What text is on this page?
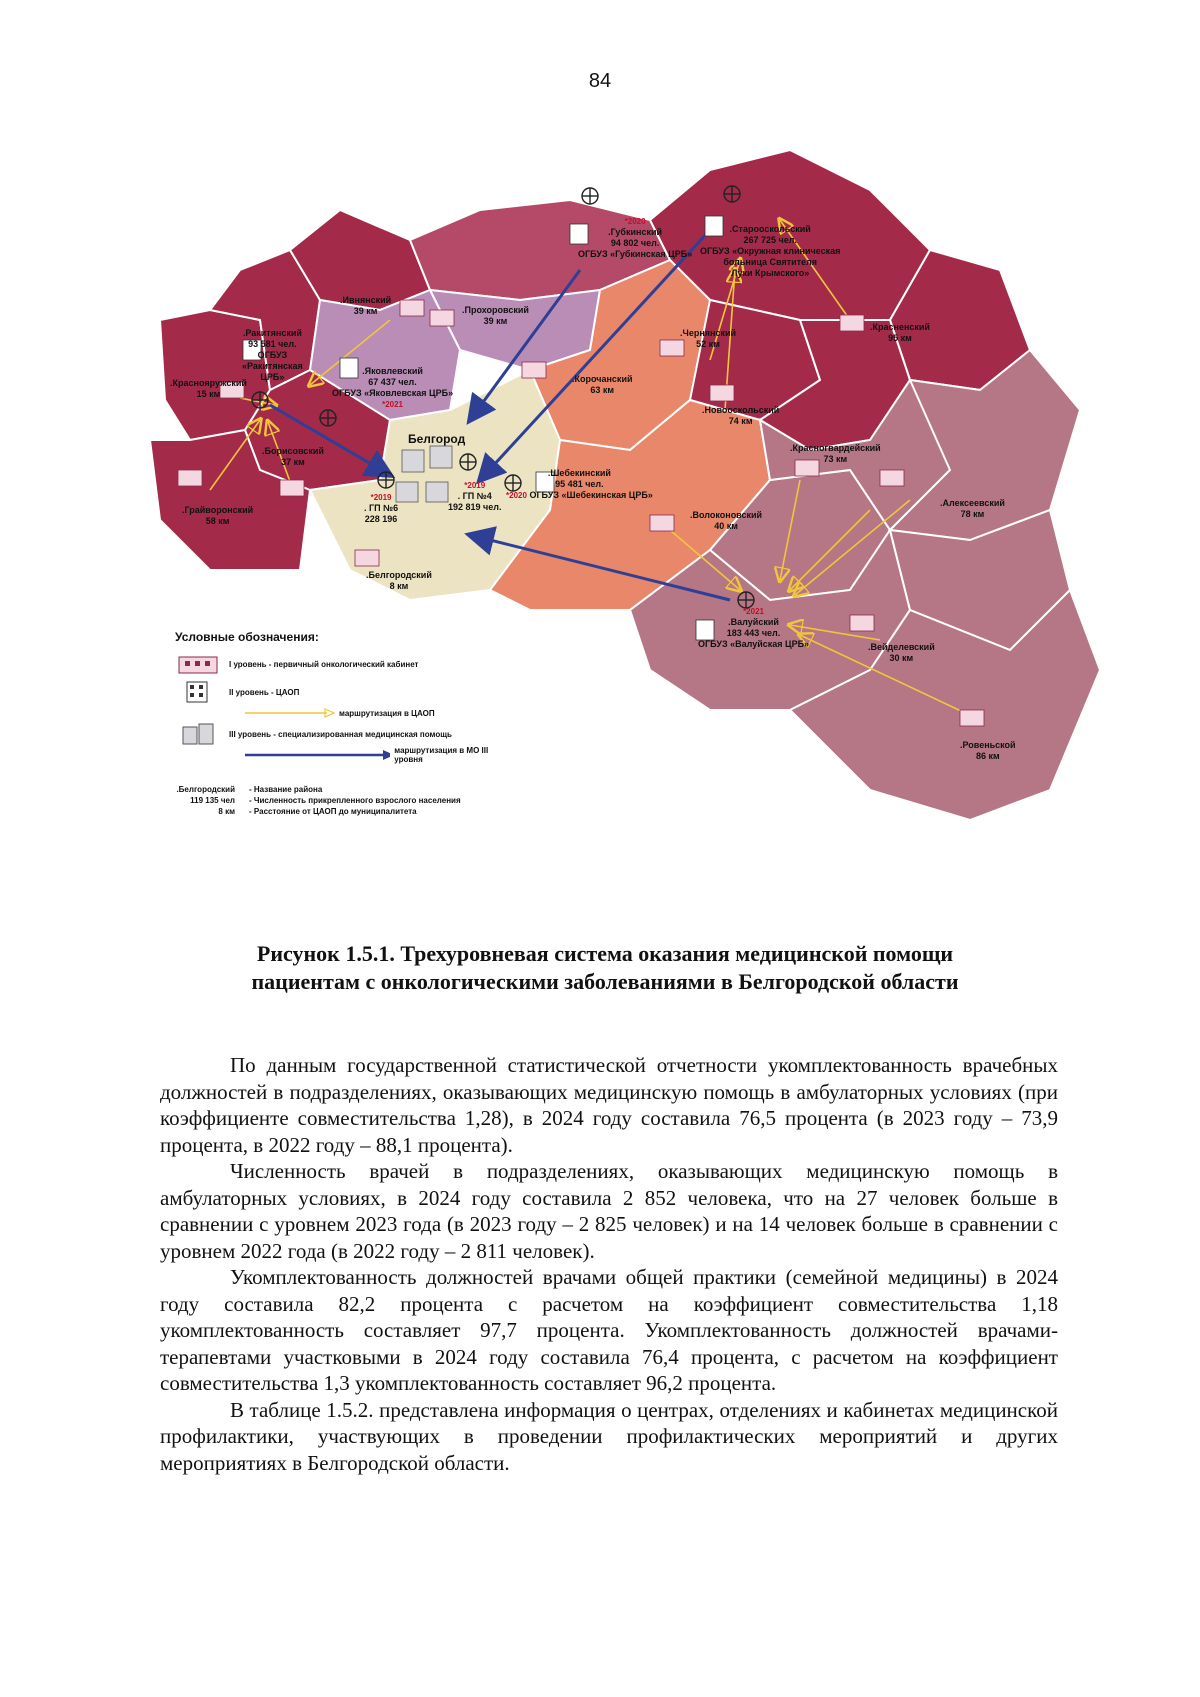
84
*2020
.Губкинский
94 802 чел.
ОГБУЗ «Губкинская ЦРБ»
.Старооскольский
267 725 чел.
ОГБУЗ «Окружная клиническая
больница Святителя
Луки Крымского»
.Ивнянский
39 км	.Прохоровский
39 км
.Ракитянский
93 581 чел.
ОГБУЗ
«Ракитянская
ЦРБ»
.Краснояружский
15 км
.Яковлевский
67 437 чел.
ОГБУЗ «Яковлевская ЦРБ»
*2021
.Корочанский
63 км
.Чернянский
52 км
.Красненский
95 км
.Новооскольский
74 км
.Борисовский
37 км
.Грайворонский
58 км
Белгород
*2019
. ГП №6
228 196
*2019
. ГП №4
192 819 чел.
.Шебекинский
95 481 чел.
*2020 ОГБУЗ «Шебекинская ЦРБ»
.Красногвардейский
73 км
.Алексеевский
78 км
.Волоконовский
40 км
.Белгородский
8 км
*2021
.Валуйский
183 443 чел.
ОГБУЗ «Валуйская ЦРБ»	.Вейделевский
30 км
.Ровеньской
86 км
Условные обозначения:
I уровень - первичный онкологический кабинет
II уровень - ЦАОП
маршрутизация в ЦАОП
III уровень - специализированная медицинская помощь
маршрутизация в МО III уровня
.Белгородский
119 135 чел
8 км
- Название района
- Численность прикрепленного взрослого населения
- Расстояние от ЦАОП до муниципалитета
Рисунок 1.5.1. Трехуровневая система оказания медицинской помощи
пациентам с онкологическими заболеваниями в Белгородской области

По данным государственной статистической отчетности укомплектованность врачебных должностей в подразделениях, оказывающих медицинскую помощь в амбулаторных условиях (при коэффициенте совместительства 1,28), в 2024 году составила 76,5 процента (в 2023 году – 73,9 процента, в 2022 году – 88,1 процента).

Численность врачей в подразделениях, оказывающих медицинскую помощь в амбулаторных условиях, в 2024 году составила 2 852 человека, что на 27 человек больше в сравнении с уровнем 2023 года (в 2023 году – 2 825 человек) и на 14 человек больше в сравнении с уровнем 2022 года (в 2022 году – 2 811 человек).

Укомплектованность должностей врачами общей практики (семейной медицины) в 2024 году составила 82,2 процента с расчетом на коэффициент совместительства 1,18 укомплектованность составляет 97,7 процента. Укомплектованность должностей врачами-терапевтами участковыми в 2024 году составила 76,4 процента, с расчетом на коэффициент совместительства 1,3 укомплектованность составляет 96,2 процента.

В таблице 1.5.2. представлена информация о центрах, отделениях и кабинетах медицинской профилактики, участвующих в проведении профилактических мероприятий и других мероприятиях в Белгородской области.
